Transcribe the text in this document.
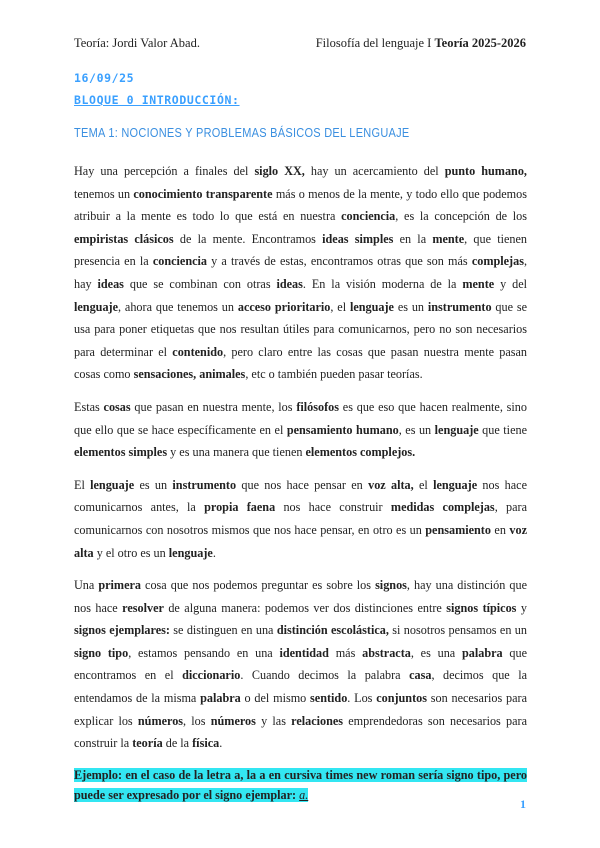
Teoría: Jordi Valor Abad.	Filosofía del lenguaje I Teoría 2025-2026
16/09/25
BLOQUE 0 INTRODUCCIÓN:
TEMA 1: NOCIONES Y PROBLEMAS BÁSICOS DEL LENGUAJE

Hay una percepción a finales del siglo XX, hay un acercamiento del punto humano, tenemos un conocimiento transparente más o menos de la mente, y todo ello que podemos atribuir a la mente es todo lo que está en nuestra conciencia, es la concepción de los empiristas clásicos de la mente. Encontramos ideas simples en la mente, que tienen presencia en la conciencia y a través de estas, encontramos otras que son más complejas, hay ideas que se combinan con otras ideas. En la visión moderna de la mente y del lenguaje, ahora que tenemos un acceso prioritario, el lenguaje es un instrumento que se usa para poner etiquetas que nos resultan útiles para comunicarnos, pero no son necesarios para determinar el contenido, pero claro entre las cosas que pasan nuestra mente pasan cosas como sensaciones, animales, etc o también pueden pasar teorías.

Estas cosas que pasan en nuestra mente, los filósofos es que eso que hacen realmente, sino que ello que se hace específicamente en el pensamiento humano, es un lenguaje que tiene elementos simples y es una manera que tienen elementos complejos.

El lenguaje es un instrumento que nos hace pensar en voz alta, el lenguaje nos hace comunicarnos antes, la propia faena nos hace construir medidas complejas, para comunicarnos con nosotros mismos que nos hace pensar, en otro es un pensamiento en voz alta y el otro es un lenguaje.

Una primera cosa que nos podemos preguntar es sobre los signos, hay una distinción que nos hace resolver de alguna manera: podemos ver dos distinciones entre signos típicos y signos ejemplares: se distinguen en una distinción escolástica, si nosotros pensamos en un signo tipo, estamos pensando en una identidad más abstracta, es una palabra que encontramos en el diccionario. Cuando decimos la palabra casa, decimos que la entendamos de la misma palabra o del mismo sentido. Los conjuntos son necesarios para explicar los números, los números y las relaciones emprendedoras son necesarios para construir la teoría de la física.

Ejemplo: en el caso de la letra a, la a en cursiva times new roman sería signo tipo, pero puede ser expresado por el signo ejemplar: a.
1
